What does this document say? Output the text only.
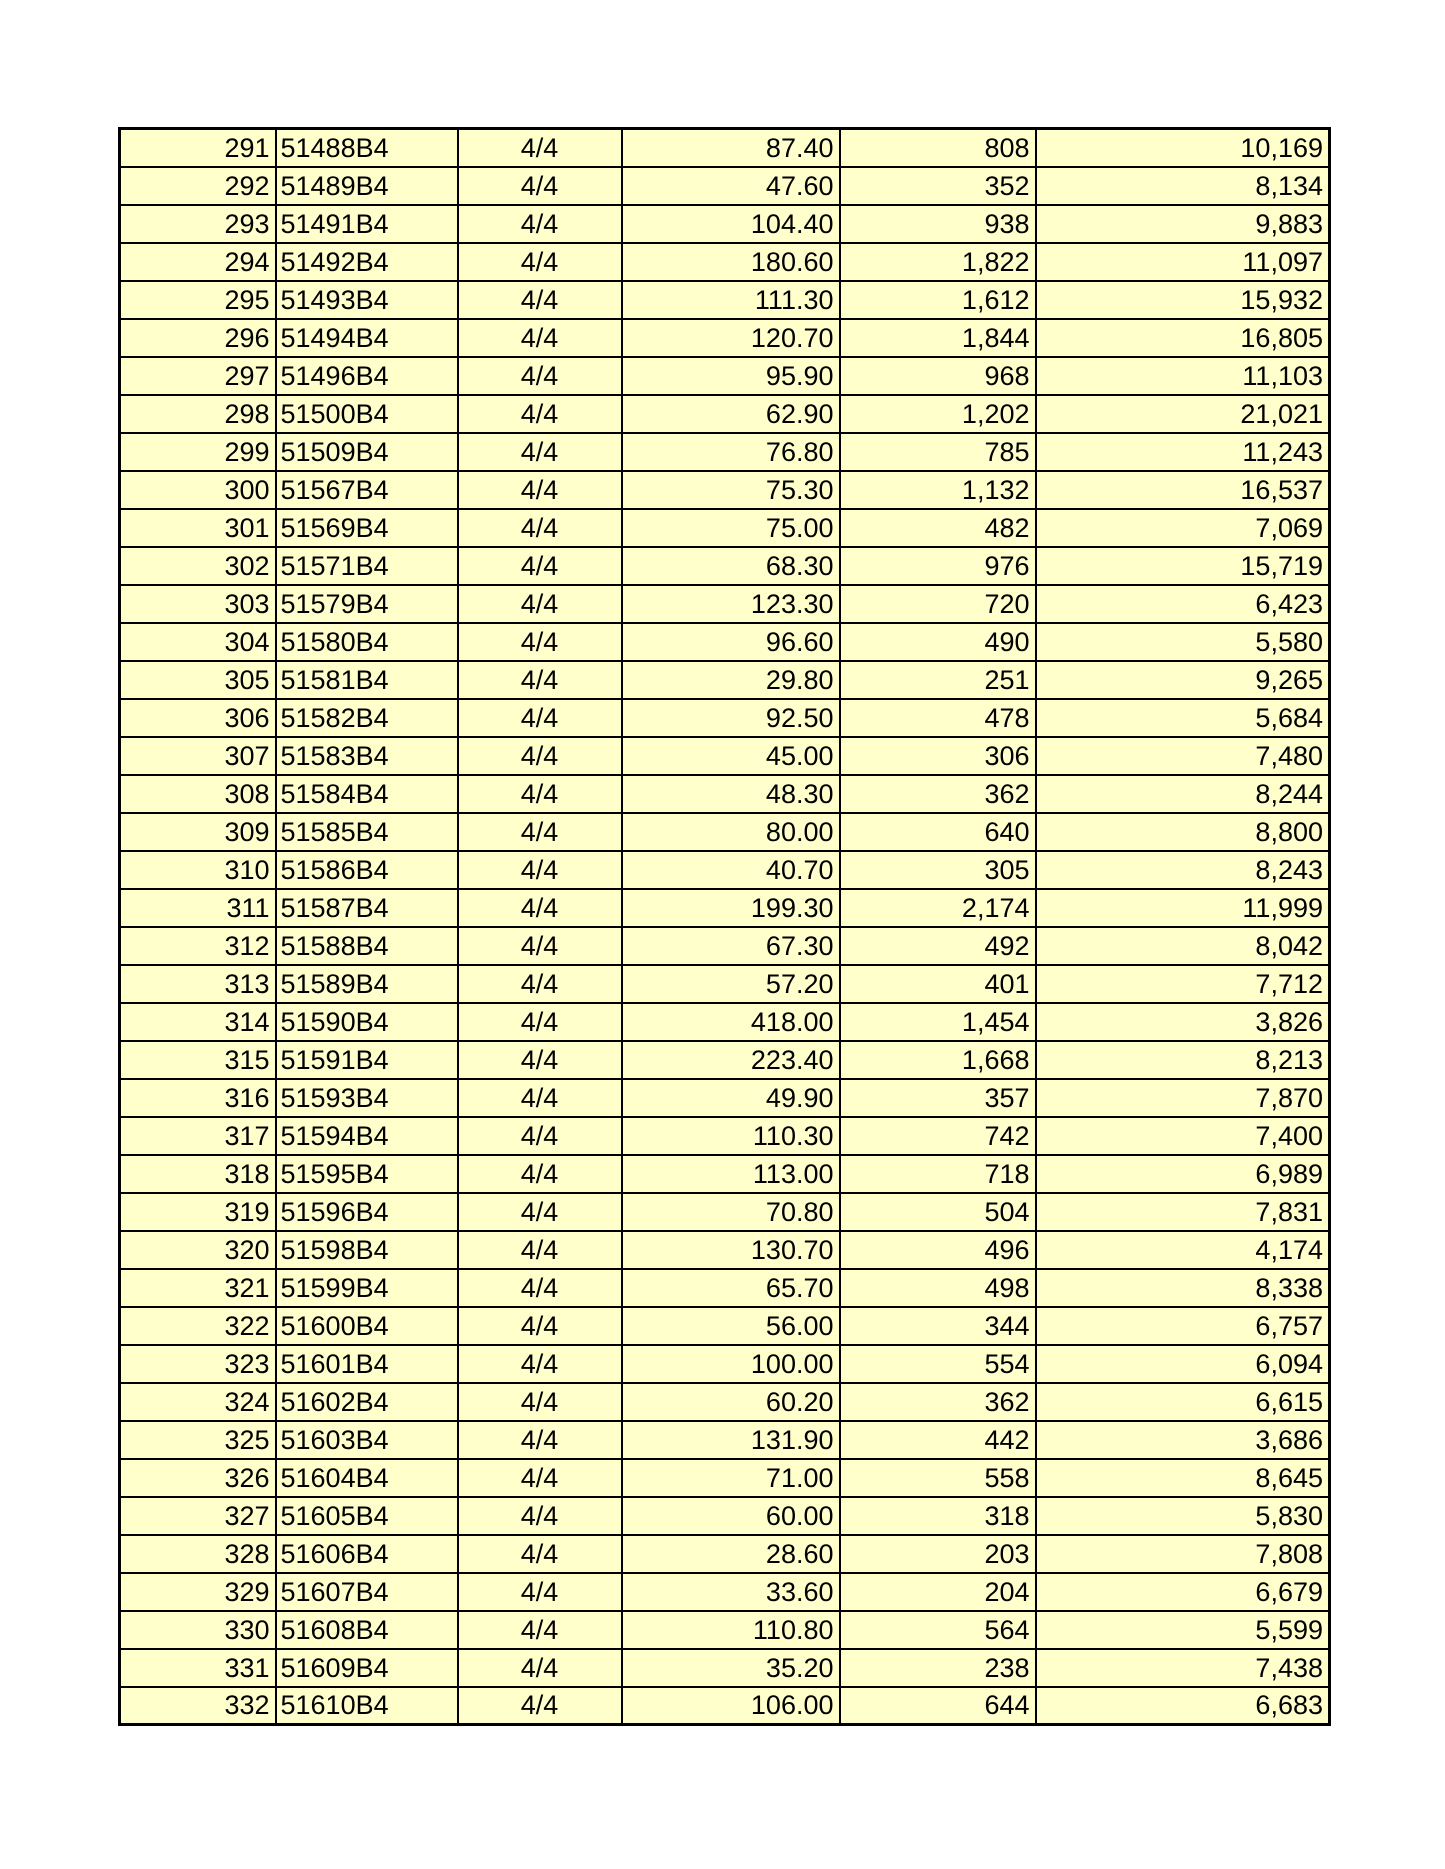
291	51488B4	4/4	87.40	808	10,169
292	51489B4	4/4	47.60	352	8,134
293	51491B4	4/4	104.40	938	9,883
294	51492B4	4/4	180.60	1,822	11,097
295	51493B4	4/4	111.30	1,612	15,932
296	51494B4	4/4	120.70	1,844	16,805
297	51496B4	4/4	95.90	968	11,103
298	51500B4	4/4	62.90	1,202	21,021
299	51509B4	4/4	76.80	785	11,243
300	51567B4	4/4	75.30	1,132	16,537
301	51569B4	4/4	75.00	482	7,069
302	51571B4	4/4	68.30	976	15,719
303	51579B4	4/4	123.30	720	6,423
304	51580B4	4/4	96.60	490	5,580
305	51581B4	4/4	29.80	251	9,265
306	51582B4	4/4	92.50	478	5,684
307	51583B4	4/4	45.00	306	7,480
308	51584B4	4/4	48.30	362	8,244
309	51585B4	4/4	80.00	640	8,800
310	51586B4	4/4	40.70	305	8,243
311	51587B4	4/4	199.30	2,174	11,999
312	51588B4	4/4	67.30	492	8,042
313	51589B4	4/4	57.20	401	7,712
314	51590B4	4/4	418.00	1,454	3,826
315	51591B4	4/4	223.40	1,668	8,213
316	51593B4	4/4	49.90	357	7,870
317	51594B4	4/4	110.30	742	7,400
318	51595B4	4/4	113.00	718	6,989
319	51596B4	4/4	70.80	504	7,831
320	51598B4	4/4	130.70	496	4,174
321	51599B4	4/4	65.70	498	8,338
322	51600B4	4/4	56.00	344	6,757
323	51601B4	4/4	100.00	554	6,094
324	51602B4	4/4	60.20	362	6,615
325	51603B4	4/4	131.90	442	3,686
326	51604B4	4/4	71.00	558	8,645
327	51605B4	4/4	60.00	318	5,830
328	51606B4	4/4	28.60	203	7,808
329	51607B4	4/4	33.60	204	6,679
330	51608B4	4/4	110.80	564	5,599
331	51609B4	4/4	35.20	238	7,438
332	51610B4	4/4	106.00	644	6,683
